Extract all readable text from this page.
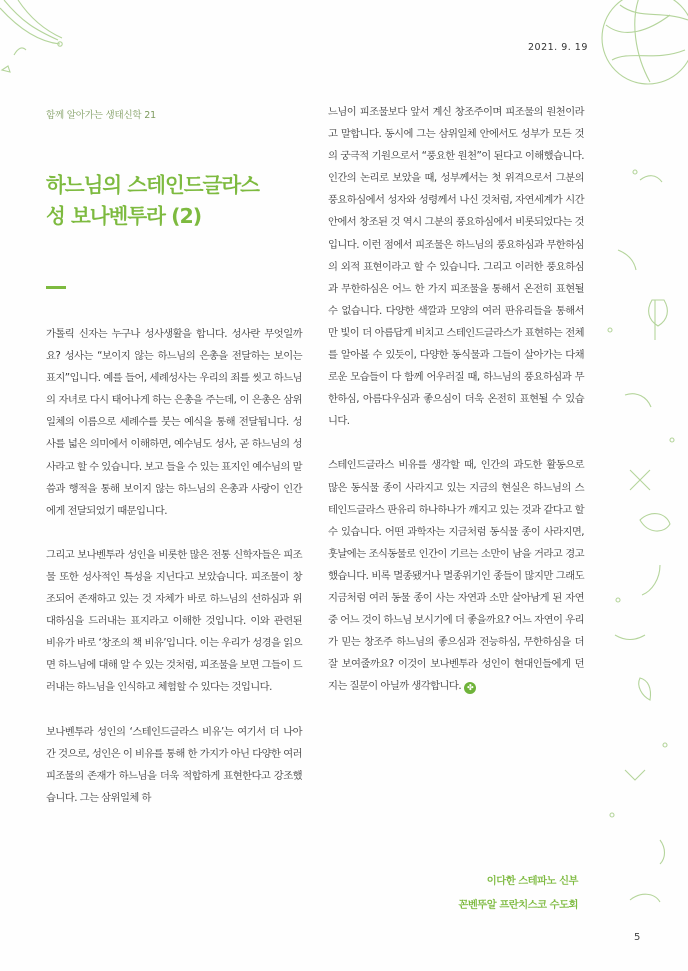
2021. 9. 19
함께 알아가는 생태신학 21
하느님의 스테인드글라스
성 보나벤투라 (2)

가톨릭 신자는 누구나 성사생활을 합니다. 성사란 무엇일까요? 성사는 “보이지 않는 하느님의 은총을 전달하는 보이는 표지”입니다. 예를 들어, 세례성사는 우리의 죄를 씻고 하느님의 자녀로 다시 태어나게 하는 은총을 주는데, 이 은총은 삼위일체의 이름으로 세례수를 붓는 예식을 통해 전달됩니다. 성사를 넓은 의미에서 이해하면, 예수님도 성사, 곧 하느님의 성사라고 할 수 있습니다. 보고 들을 수 있는 표지인 예수님의 말씀과 행적을 통해 보이지 않는 하느님의 은총과 사랑이 인간에게 전달되었기 때문입니다.

그리고 보나벤투라 성인을 비롯한 많은 전통 신학자들은 피조물 또한 성사적인 특성을 지닌다고 보았습니다. 피조물이 창조되어 존재하고 있는 것 자체가 바로 하느님의 선하심과 위대하심을 드러내는 표지라고 이해한 것입니다. 이와 관련된 비유가 바로 ‘창조의 책 비유’입니다. 이는 우리가 성경을 읽으면 하느님에 대해 알 수 있는 것처럼, 피조물을 보면 그들이 드러내는 하느님을 인식하고 체험할 수 있다는 것입니다.

보나벤투라 성인의 ‘스테인드글라스 비유’는 여기서 더 나아간 것으로, 성인은 이 비유를 통해 한 가지가 아닌 다양한 여러 피조물의 존재가 하느님을 더욱 적합하게 표현한다고 강조했습니다. 그는 삼위일체 하

느님이 피조물보다 앞서 계신 창조주이며 피조물의 원천이라고 말합니다. 동시에 그는 삼위일체 안에서도 성부가 모든 것의 궁극적 기원으로서 “풍요한 원천”이 된다고 이해했습니다. 인간의 논리로 보았을 때, 성부께서는 첫 위격으로서 그분의 풍요하심에서 성자와 성령께서 나신 것처럼, 자연세계가 시간 안에서 창조된 것 역시 그분의 풍요하심에서 비롯되었다는 것입니다. 이런 점에서 피조물은 하느님의 풍요하심과 무한하심의 외적 표현이라고 할 수 있습니다. 그리고 이러한 풍요하심과 무한하심은 어느 한 가지 피조물을 통해서 온전히 표현될 수 없습니다. 다양한 색깔과 모양의 여러 판유리들을 통해서만 빛이 더 아름답게 비치고 스테인드글라스가 표현하는 전체를 알아볼 수 있듯이, 다양한 동식물과 그들이 살아가는 다채로운 모습들이 다 함께 어우러질 때, 하느님의 풍요하심과 무한하심, 아름다우심과 좋으심이 더욱 온전히 표현될 수 있습니다.

스테인드글라스 비유를 생각할 때, 인간의 과도한 활동으로 많은 동식물 종이 사라지고 있는 지금의 현실은 하느님의 스테인드글라스 판유리 하나하나가 깨지고 있는 것과 같다고 할 수 있습니다. 어떤 과학자는 지금처럼 동식물 종이 사라지면, 훗날에는 조식동물로 인간이 기르는 소만이 남을 거라고 경고했습니다. 비록 멸종됐거나 멸종위기인 종들이 많지만 그래도 지금처럼 여러 동물 종이 사는 자연과 소만 살아남게 된 자연 중 어느 것이 하느님 보시기에 더 좋을까요? 어느 자연이 우리가 믿는 창조주 하느님의 좋으심과 전능하심, 무한하심을 더 잘 보여줄까요? 이것이 보나벤투라 성인이 현대인들에게 던지는 질문이 아닐까 생각합니다. ✤

이다한 스테파노 신부
꼰벤뚜알 프란치스코 수도회
5
